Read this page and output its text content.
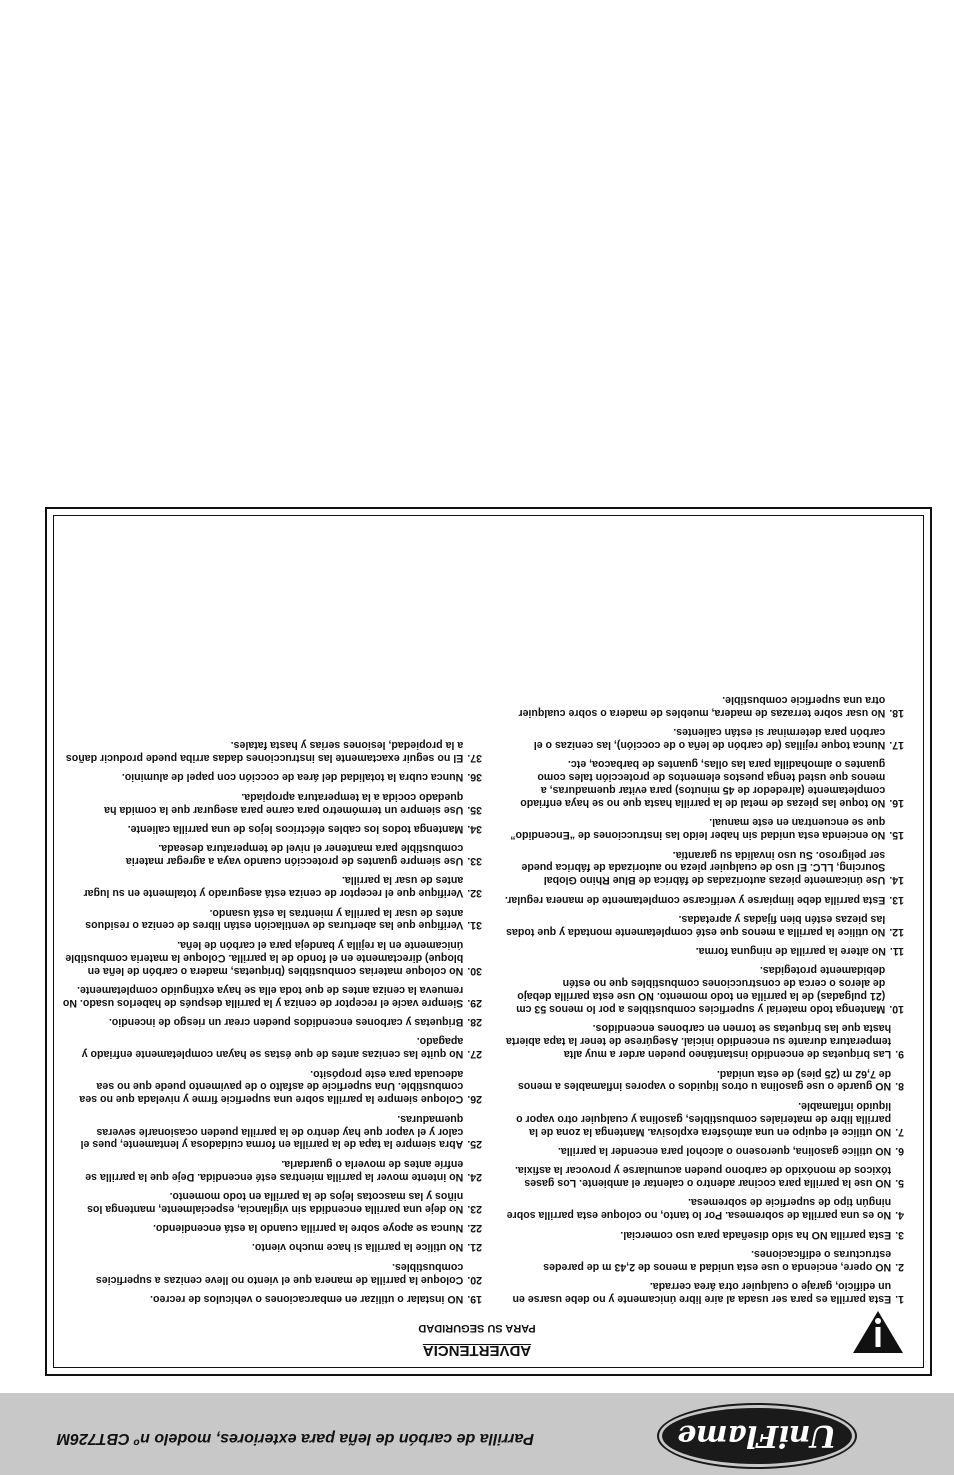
UniFlame
Parrilla de carbón de leña para exteriores, modelo nº CBT726M
ADVERTENCIA
PARA SU SEGURIDAD
1.
Esta parrilla es para ser usada al aire libre únicamente y no debe usarse en un edificio, garaje o cualquier otra área cerrada.
2.
NO opere, encienda o use esta unidad a menos de 2,43 m de paredes estructuras o edificaciones.
3.
Esta parrilla NO ha sido diseñada para uso comercial.
4.
No es una parrilla de sobremesa. Por lo tanto, no coloque esta parrilla sobre ningún tipo de superficie de sobremesa.
5.
NO use la parrilla para cocinar adentro o calentar el ambiente. Los gases tóxicos de monóxido de carbono pueden acumularse y provocar la asfixia.
6.
NO utilice gasolina, queroseno o alcohol para encender la parrilla.
7.
NO utilice el equipo en una atmósfera explosiva. Mantenga la zona de la parrilla libre de materiales combustibles, gasolina y cualquier otro vapor o líquido inflamable.
8.
NO guarde o use gasolina u otros líquidos o vapores inflamables a menos de 7,62 m (25 pies) de esta unidad.
9.
Las briquetas de encendido instantáneo pueden arder a muy alta temperatura durante su encendido inicial. Asegúrese de tener la tapa abierta hasta que las briquetas se tornen en carbones encendidos.
10.
Mantenga todo material y superficies combustibles a por lo menos 53 cm (21 pulgadas) de la parrilla en todo momento. NO use esta parrilla debajo de aleros o cerca de construcciones combustibles que no estén debidamente protegidas.
11.
No altere la parrilla de ninguna forma.
12.
No utilice la parrilla a menos que esté completamente montada y que todas las piezas estén bien fijadas y apretadas.
13.
Esta parrilla debe limpiarse y verificarse completamente de manera regular.
14.
Use únicamente piezas autorizadas de fábrica de Blue Rhino Global Sourcing, LLC. El uso de cualquier pieza no autorizada de fábrica puede ser peligroso. Su uso invalida su garantía.
15.
No encienda esta unidad sin haber leído las instrucciones de “Encendido” que se encuentran en este manual.
16.
No toque las piezas de metal de la parrilla hasta que no se haya enfriado completamente (alrededor de 45 minutos) para evitar quemaduras, a menos que usted tenga puestos elementos de protección tales como guantes o almohadilla para las ollas, guantes de barbacoa, etc.
17.
Nunca toque rejillas (de carbón de leña o de cocción), las cenizas o el carbón para determinar si están calientes.
18.
No usar sobre terrazas de madera, muebles de madera o sobre cualquier otra una superficie combustible.
19.
NO instalar o utilizar en embarcaciones o vehículos de recreo.
20.
Coloque la parrilla de manera que el viento no lleve cenizas a superficies combustibles.
21.
No utilice la parrilla si hace mucho viento.
22.
Nunca se apoye sobre la parrilla cuando la está encendiendo.
23.
No deje una parrilla encendida sin vigilancia, especialmente, mantenga los niños y las mascotas lejos de la parrilla en todo momento.
24.
No intente mover la parrilla mientras esté encendida. Deje que la parrilla se enfríe antes de moverla o guardarla.
25.
Abra siempre la tapa de la parrilla en forma cuidadosa y lentamente, pues el calor y el vapor que hay dentro de la parrilla pueden ocasionarle severas quemaduras.
26.
Coloque siempre la parrilla sobre una superficie firme y nivelada que no sea combustible. Una superficie de asfalto o de pavimento puede que no sea adecuada para este propósito.
27.
No quite las cenizas antes de que éstas se hayan completamente enfriado y apagado.
28.
Briquetas y carbones encendidos pueden crear un riesgo de incendio.
29.
Siempre vacíe el receptor de ceniza y la parrilla después de haberlos usado. No remueva la ceniza antes de que toda ella se haya extinguido completamente.
30.
No coloque materias combustibles (briquetas, madera o carbón de leña en bloque) directamente en el fondo de la parrilla. Coloque la materia combustible únicamente en la rejilla y bandeja para el carbón de leña.
31.
Verifique que las aberturas de ventilación están libres de ceniza o residuos antes de usar la parrilla y mientras la está usando.
32.
Verifique que el receptor de ceniza está asegurado y totalmente en su lugar antes de usar la parrilla.
33.
Use siempre guantes de protección cuando vaya a agregar materia combustible para mantener el nivel de temperatura deseada.
34.
Mantenga todos los cables eléctricos lejos de una parrilla caliente.
35.
Use siempre un termómetro para carne para asegurar que la comida ha quedado cocida a la temperatura apropiada.
36.
Nunca cubra la totalidad del área de cocción con papel de aluminio.
37.
El no seguir exactamente las instrucciones dadas arriba puede producir daños a la propiedad, lesiones serias y hasta fatales.
